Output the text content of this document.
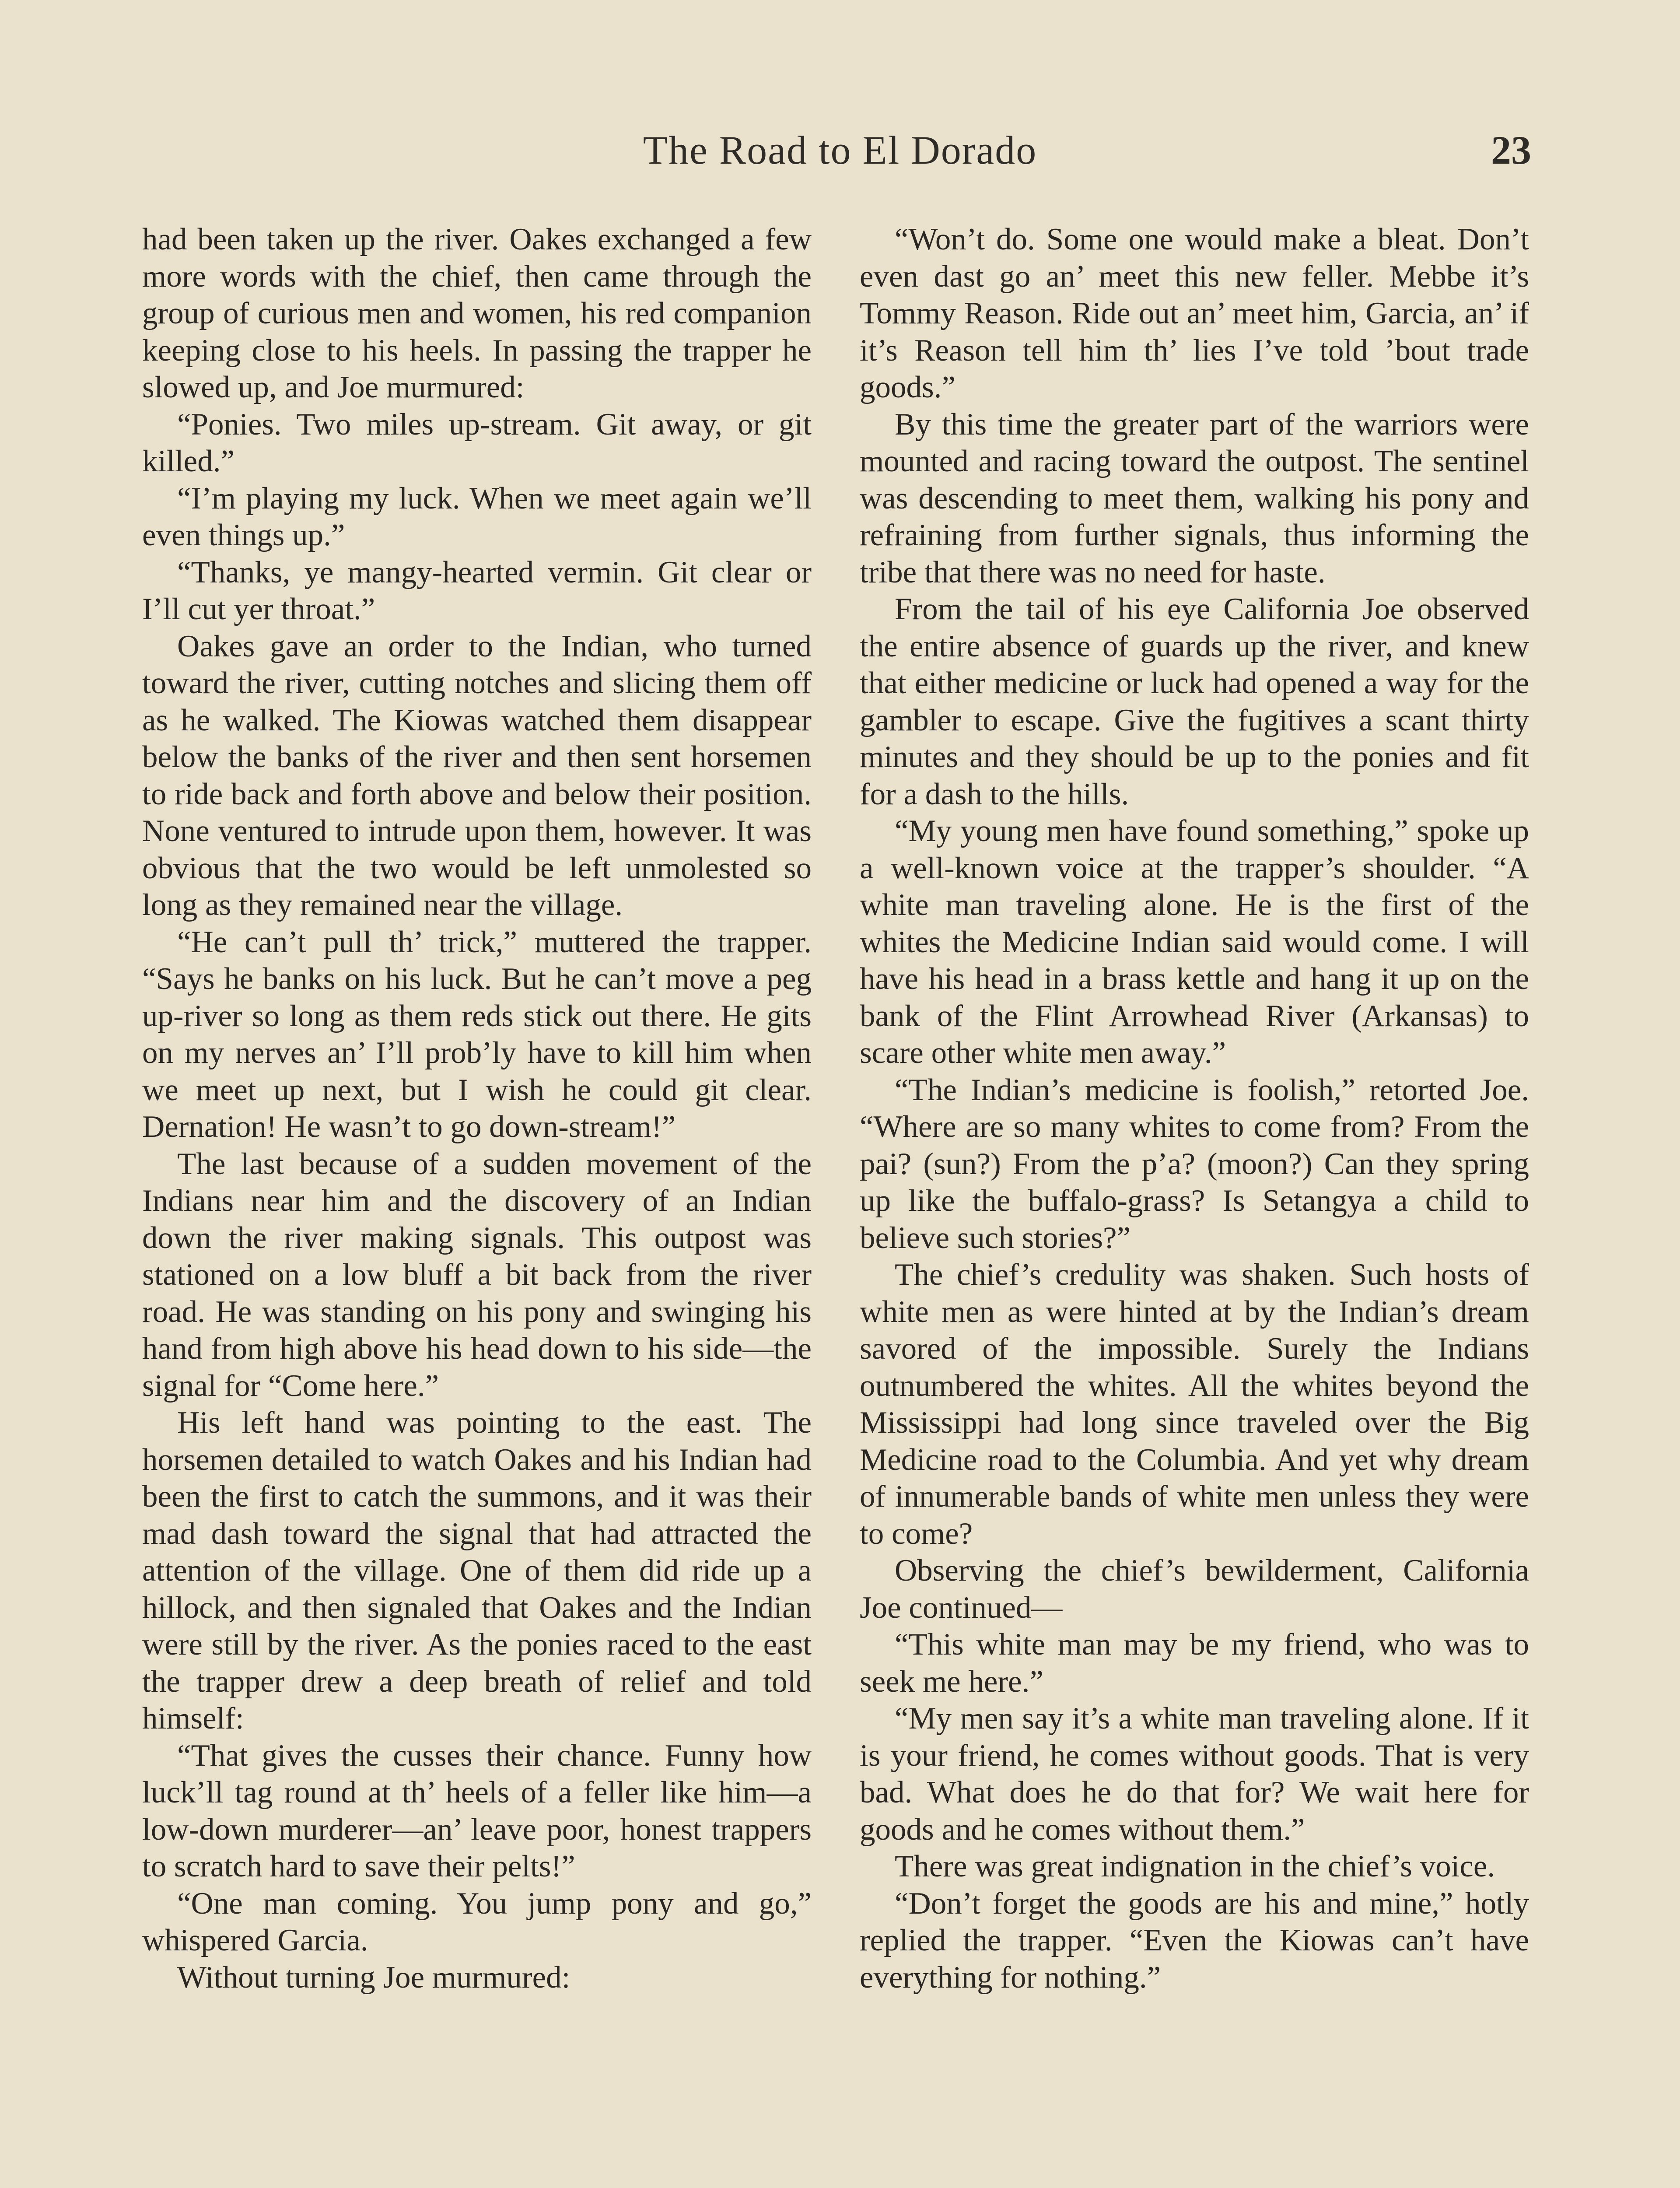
The Road to El Dorado	23

had been taken up the river. Oakes exchanged a few more words with the chief, then came through the group of curious men and women, his red companion keeping close to his heels. In passing the trapper he slowed up, and Joe murmured:

“Ponies. Two miles up-stream. Git away, or git killed.”

“I’m playing my luck. When we meet again we’ll even things up.”

“Thanks, ye mangy-hearted vermin. Git clear or I’ll cut yer throat.”

Oakes gave an order to the Indian, who turned toward the river, cutting notches and slicing them off as he walked. The Kiowas watched them disappear below the banks of the river and then sent horsemen to ride back and forth above and below their position. None ventured to intrude upon them, however. It was obvious that the two would be left unmolested so long as they remained near the village.

“He can’t pull th’ trick,” muttered the trapper. “Says he banks on his luck. But he can’t move a peg up-river so long as them reds stick out there. He gits on my nerves an’ I’ll prob’ly have to kill him when we meet up next, but I wish he could git clear. Dernation! He wasn’t to go down-stream!”

The last because of a sudden movement of the Indians near him and the discovery of an Indian down the river making signals. This outpost was stationed on a low bluff a bit back from the river road. He was standing on his pony and swinging his hand from high above his head down to his side—the signal for “Come here.”

His left hand was pointing to the east. The horsemen detailed to watch Oakes and his Indian had been the first to catch the summons, and it was their mad dash toward the signal that had attracted the attention of the village. One of them did ride up a hillock, and then signaled that Oakes and the Indian were still by the river. As the ponies raced to the east the trapper drew a deep breath of relief and told himself:

“That gives the cusses their chance. Funny how luck’ll tag round at th’ heels of a feller like him—a low-down murderer—an’ leave poor, honest trappers to scratch hard to save their pelts!”

“One man coming. You jump pony and go,” whispered Garcia.

Without turning Joe murmured:

“Won’t do. Some one would make a bleat. Don’t even dast go an’ meet this new feller. Mebbe it’s Tommy Reason. Ride out an’ meet him, Garcia, an’ if it’s Reason tell him th’ lies I’ve told ’bout trade goods.”

By this time the greater part of the warriors were mounted and racing toward the outpost. The sentinel was descending to meet them, walking his pony and refraining from further signals, thus informing the tribe that there was no need for haste.

From the tail of his eye California Joe observed the entire absence of guards up the river, and knew that either medicine or luck had opened a way for the gambler to escape. Give the fugitives a scant thirty minutes and they should be up to the ponies and fit for a dash to the hills.

“My young men have found something,” spoke up a well-known voice at the trapper’s shoulder. “A white man traveling alone. He is the first of the whites the Medicine Indian said would come. I will have his head in a brass kettle and hang it up on the bank of the Flint Arrowhead River (Arkansas) to scare other white men away.”

“The Indian’s medicine is foolish,” retorted Joe. “Where are so many whites to come from? From the pai? (sun?) From the p’a? (moon?) Can they spring up like the buffalo-grass? Is Setangya a child to believe such stories?”

The chief’s credulity was shaken. Such hosts of white men as were hinted at by the Indian’s dream savored of the impossible. Surely the Indians outnumbered the whites. All the whites beyond the Mississippi had long since traveled over the Big Medicine road to the Columbia. And yet why dream of innumerable bands of white men unless they were to come?

Observing the chief’s bewilderment, California Joe continued—

“This white man may be my friend, who was to seek me here.”

“My men say it’s a white man traveling alone. If it is your friend, he comes without goods. That is very bad. What does he do that for? We wait here for goods and he comes without them.”

There was great indignation in the chief’s voice.

“Don’t forget the goods are his and mine,” hotly replied the trapper. “Even the Kiowas can’t have everything for nothing.”
